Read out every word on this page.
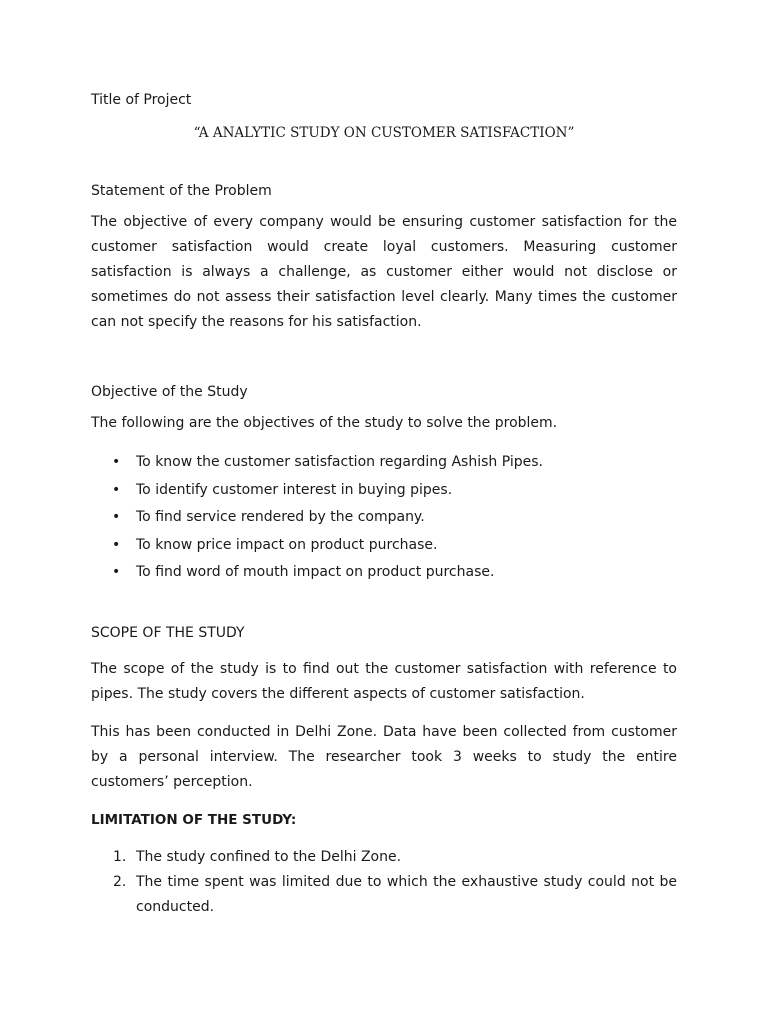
Title of Project

“A ANALYTIC STUDY ON CUSTOMER SATISFACTION”

Statement of the Problem

The objective of every company would be ensuring customer satisfaction for the customer satisfaction would create loyal customers. Measuring customer satisfaction is always a challenge, as customer either would not disclose or sometimes do not assess their satisfaction level clearly. Many times the customer can not specify the reasons for his satisfaction.

Objective of the Study

The following are the objectives of the study to solve the problem.

• To know the customer satisfaction regarding Ashish Pipes.
• To identify customer interest in buying pipes.
• To find service rendered by the company.
• To know price impact on product purchase.
• To find word of mouth impact on product purchase.

SCOPE OF THE STUDY

The scope of the study is to find out the customer satisfaction with reference to pipes. The study covers the different aspects of customer satisfaction.

This has been conducted in Delhi Zone. Data have been collected from customer by a personal interview. The researcher took 3 weeks to study the entire customers’ perception.

LIMITATION OF THE STUDY:

1. The study confined to the Delhi Zone.
2. The time spent was limited due to which the exhaustive study could not be conducted.
